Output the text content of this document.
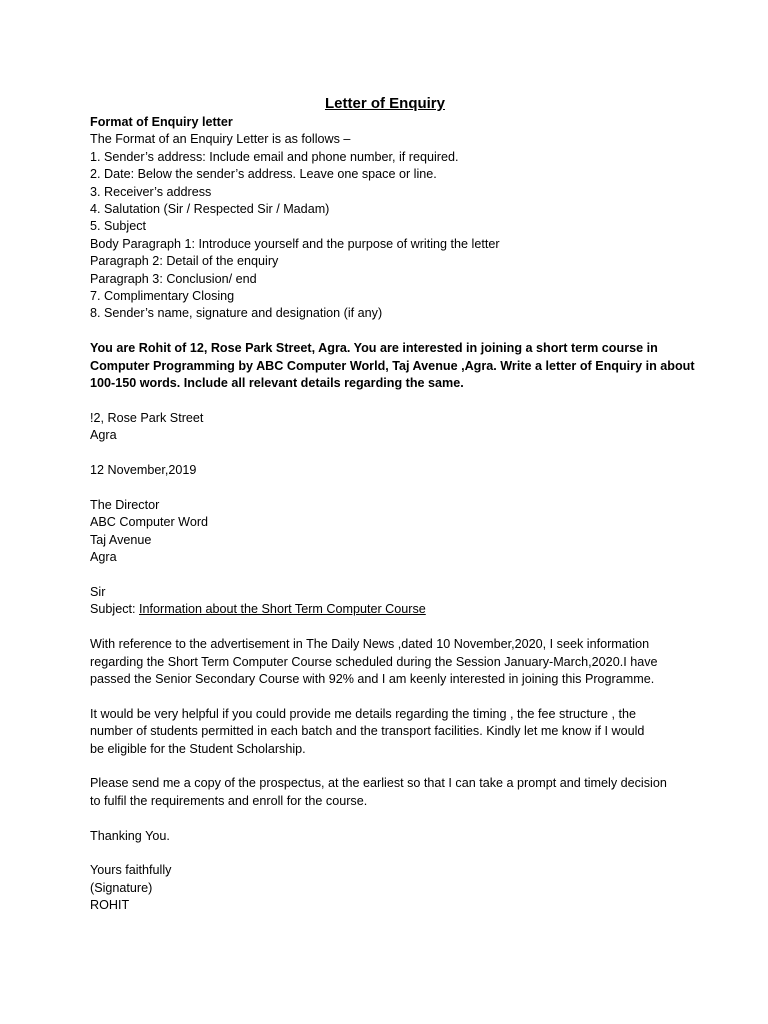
Letter of Enquiry
Format of Enquiry letter
The Format of an Enquiry Letter is as follows –
1. Sender’s address: Include email and phone number, if required.
2. Date: Below the sender’s address. Leave one space or line.
3. Receiver’s address
4. Salutation (Sir / Respected Sir / Madam)
5. Subject
Body Paragraph 1: Introduce yourself and the purpose of writing the letter
Paragraph 2: Detail of the enquiry
Paragraph 3: Conclusion/ end
7. Complimentary Closing
8. Sender’s name, signature and designation (if any)
You are Rohit of 12, Rose Park Street, Agra. You are interested in joining a short term course in
Computer Programming by ABC Computer World, Taj Avenue ,Agra. Write a letter of Enquiry in about
100-150 words. Include all relevant details regarding the same.
!2, Rose Park Street
Agra
12 November,2019
The Director
ABC Computer Word
Taj Avenue
Agra
Sir
Subject: Information about the Short Term Computer Course
With reference to the advertisement in The Daily News ,dated 10 November,2020, I seek information
regarding the Short Term Computer Course scheduled during the Session January-March,2020.I have
passed the Senior Secondary Course with 92% and I am keenly interested in joining this Programme.
It would be very helpful if you could provide me details regarding the timing , the fee structure , the
number of students permitted in each batch and the transport facilities. Kindly let me know if I would
be eligible for the Student Scholarship.
Please send me a copy of the prospectus, at the earliest so that I can take a prompt and timely decision
to fulfil the requirements and enroll for the course.
Thanking You.
Yours faithfully
(Signature)
ROHIT
